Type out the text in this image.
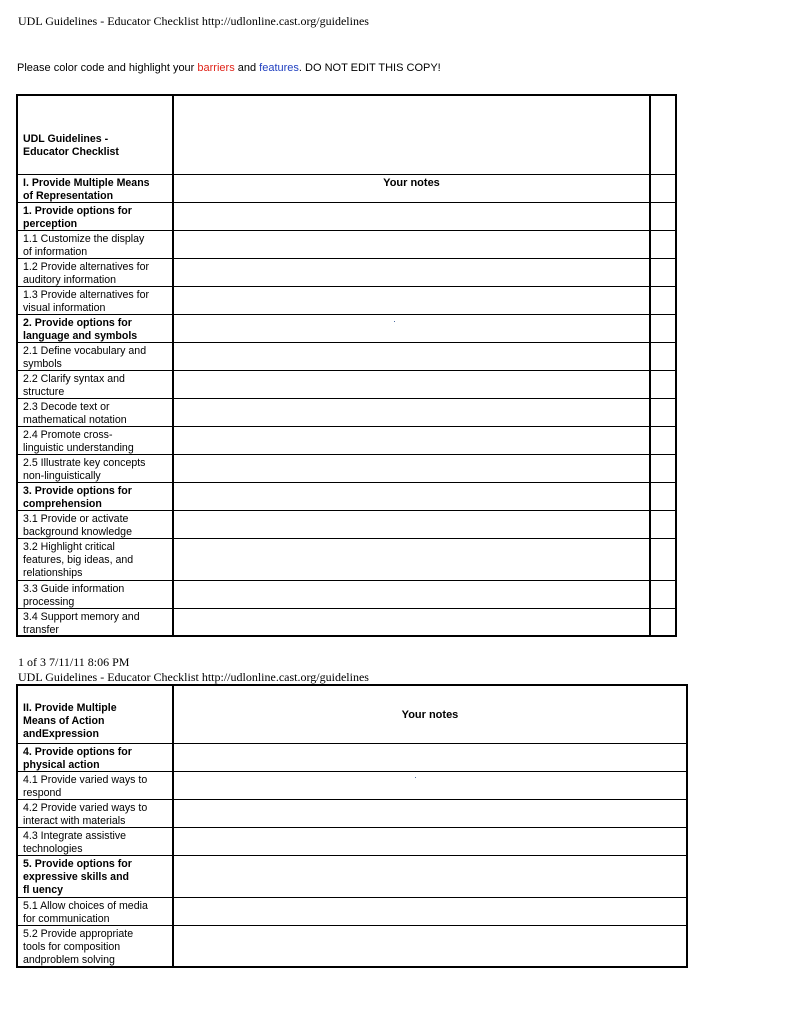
UDL Guidelines - Educator Checklist http://udlonline.cast.org/guidelines
Please color code and highlight your barriers and features. DO NOT EDIT THIS COPY!
UDL Guidelines -
Educator Checklist
I. Provide Multiple Means
of Representation
Your notes
1. Provide options for
perception
1.1 Customize the display
of information
1.2 Provide alternatives for
auditory information
1.3 Provide alternatives for
visual information
2. Provide options for
language and symbols
2.1 Define vocabulary and
symbols
2.2 Clarify syntax and
structure
2.3 Decode text or
mathematical notation
2.4 Promote cross-
linguistic understanding
2.5 Illustrate key concepts
non-linguistically
3. Provide options for
comprehension
3.1 Provide or activate
background knowledge
3.2 Highlight critical
features, big ideas, and
relationships
3.3 Guide information
processing
3.4 Support memory and
transfer
1 of 3 7/11/11 8:06 PM
UDL Guidelines - Educator Checklist http://udlonline.cast.org/guidelines
II. Provide Multiple
Means of Action
andExpression
Your notes
4. Provide options for
physical action
4.1 Provide varied ways to
respond
4.2 Provide varied ways to
interact with materials
4.3 Integrate assistive
technologies
5. Provide options for
expressive skills and
fl uency
5.1 Allow choices of media
for communication
5.2 Provide appropriate
tools for composition
andproblem solving
